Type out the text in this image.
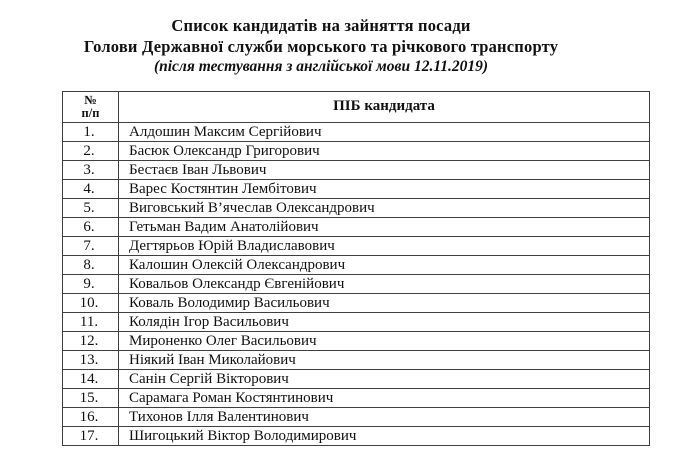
Список кандидатів на зайняття посади
Голови Державної служби морського та річкового транспорту
(після тестування з англійської мови 12.11.2019)
№
п/п	ПІБ кандидата
1.	Алдошин Максим Сергійович
2.	Басюк Олександр Григорович
3.	Бестаєв Іван Львович
4.	Варес Костянтин Лембітович
5.	Виговський В’ячеслав Олександрович
6.	Гетьман Вадим Анатолійович
7.	Дегтярьов Юрій Владиславович
8.	Калошин Олексій Олександрович
9.	Ковальов Олександр Євгенійович
10.	Коваль Володимир Васильович
11.	Колядін Ігор Васильович
12.	Мироненко Олег Васильович
13.	Ніякий Іван Миколайович
14.	Санін Сергій Вікторович
15.	Сарамага Роман Костянтинович
16.	Тихонов Ілля Валентинович
17.	Шигоцький Віктор Володимирович
